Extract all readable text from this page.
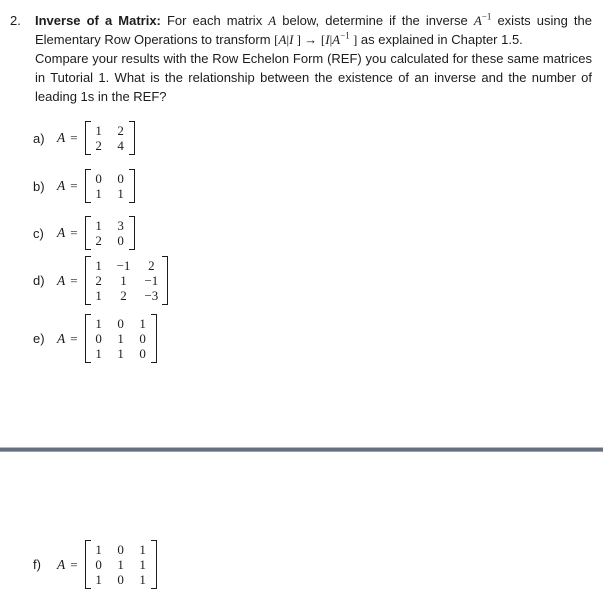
2.	Inverse of a Matrix: For each matrix A below, determine if the inverse $A^{-1}$ exists using the Elementary Row Operations to transform [A|I ] → [$I|A^{-1}$ ] as explained in Chapter 1.5.
Compare your results with the Row Echelon Form (REF) you calculated for these same matrices in Tutorial 1. What is the relationship between the existence of an inverse and the number of leading 1s in the REF?
a) A = 1 2
2 4
b) A = 0 0
1 1
c) A = 1 3
2 0
d) A =
1 −1 2
2 1 −1
1 2 −3
e) A =
1 0 1
0 1 0
1 1 0
f)	A =
1 0 1
0 1 1
1 0 1
